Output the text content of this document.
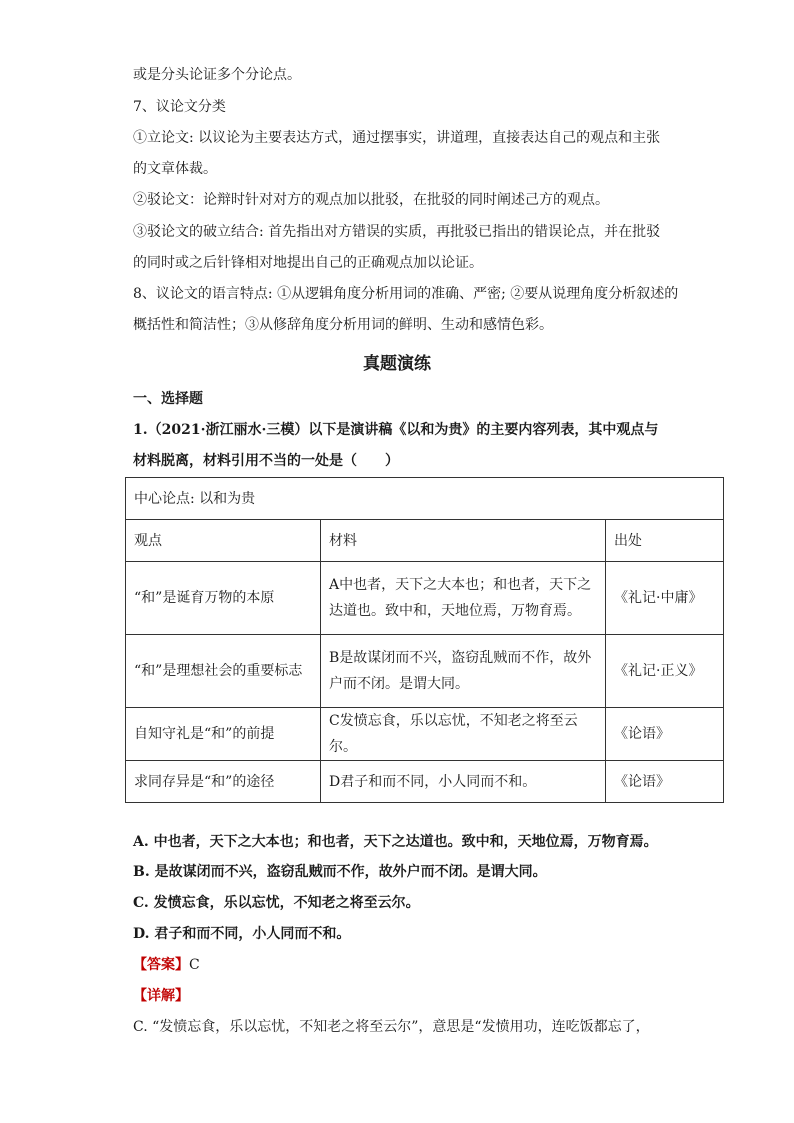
或是分头论证多个分论点。
7、议论文分类
①立论文: 以议论为主要表达方式，通过摆事实，讲道理，直接表达自己的观点和主张
的文章体裁。
②驳论文：论辩时针对对方的观点加以批驳，在批驳的同时阐述己方的观点。
③驳论文的破立结合: 首先指出对方错误的实质，再批驳已指出的错误论点，并在批驳
的同时或之后针锋相对地提出自己的正确观点加以论证。
8、议论文的语言特点: ①从逻辑角度分析用词的准确、严密; ②要从说理角度分析叙述的
概括性和简洁性；③从修辞角度分析用词的鲜明、生动和感情色彩。
真题演练
一、选择题
1.（2021·浙江丽水·三模）以下是演讲稿《以和为贵》的主要内容列表，其中观点与
材料脱离，材料引用不当的一处是（　　）
中心论点: 以和为贵		
观点	材料	出处
“和”是诞育万物的本原	A中也者，天下之大本也；和也者，天下之
达道也。致中和，天地位焉，万物育焉。	《礼记·中庸》
“和”是理想社会的重要标志	B是故谋闭而不兴，盗窃乱贼而不作，故外
户而不闭。是谓大同。	《礼记·正义》
自知守礼是“和”的前提	C发愤忘食，乐以忘忧，不知老之将至云尔。	《论语》
求同存异是“和”的途径	D君子和而不同，小人同而不和。	《论语》
A. 中也者，天下之大本也；和也者，天下之达道也。致中和，天地位焉，万物育焉。
B. 是故谋闭而不兴，盗窃乱贼而不作，故外户而不闭。是谓大同。
C. 发愤忘食，乐以忘忧，不知老之将至云尔。
D. 君子和而不同，小人同而不和。
【答案】C
【详解】
C. “发愤忘食，乐以忘忧，不知老之将至云尔”，意思是“发愤用功，连吃饭都忘了，
